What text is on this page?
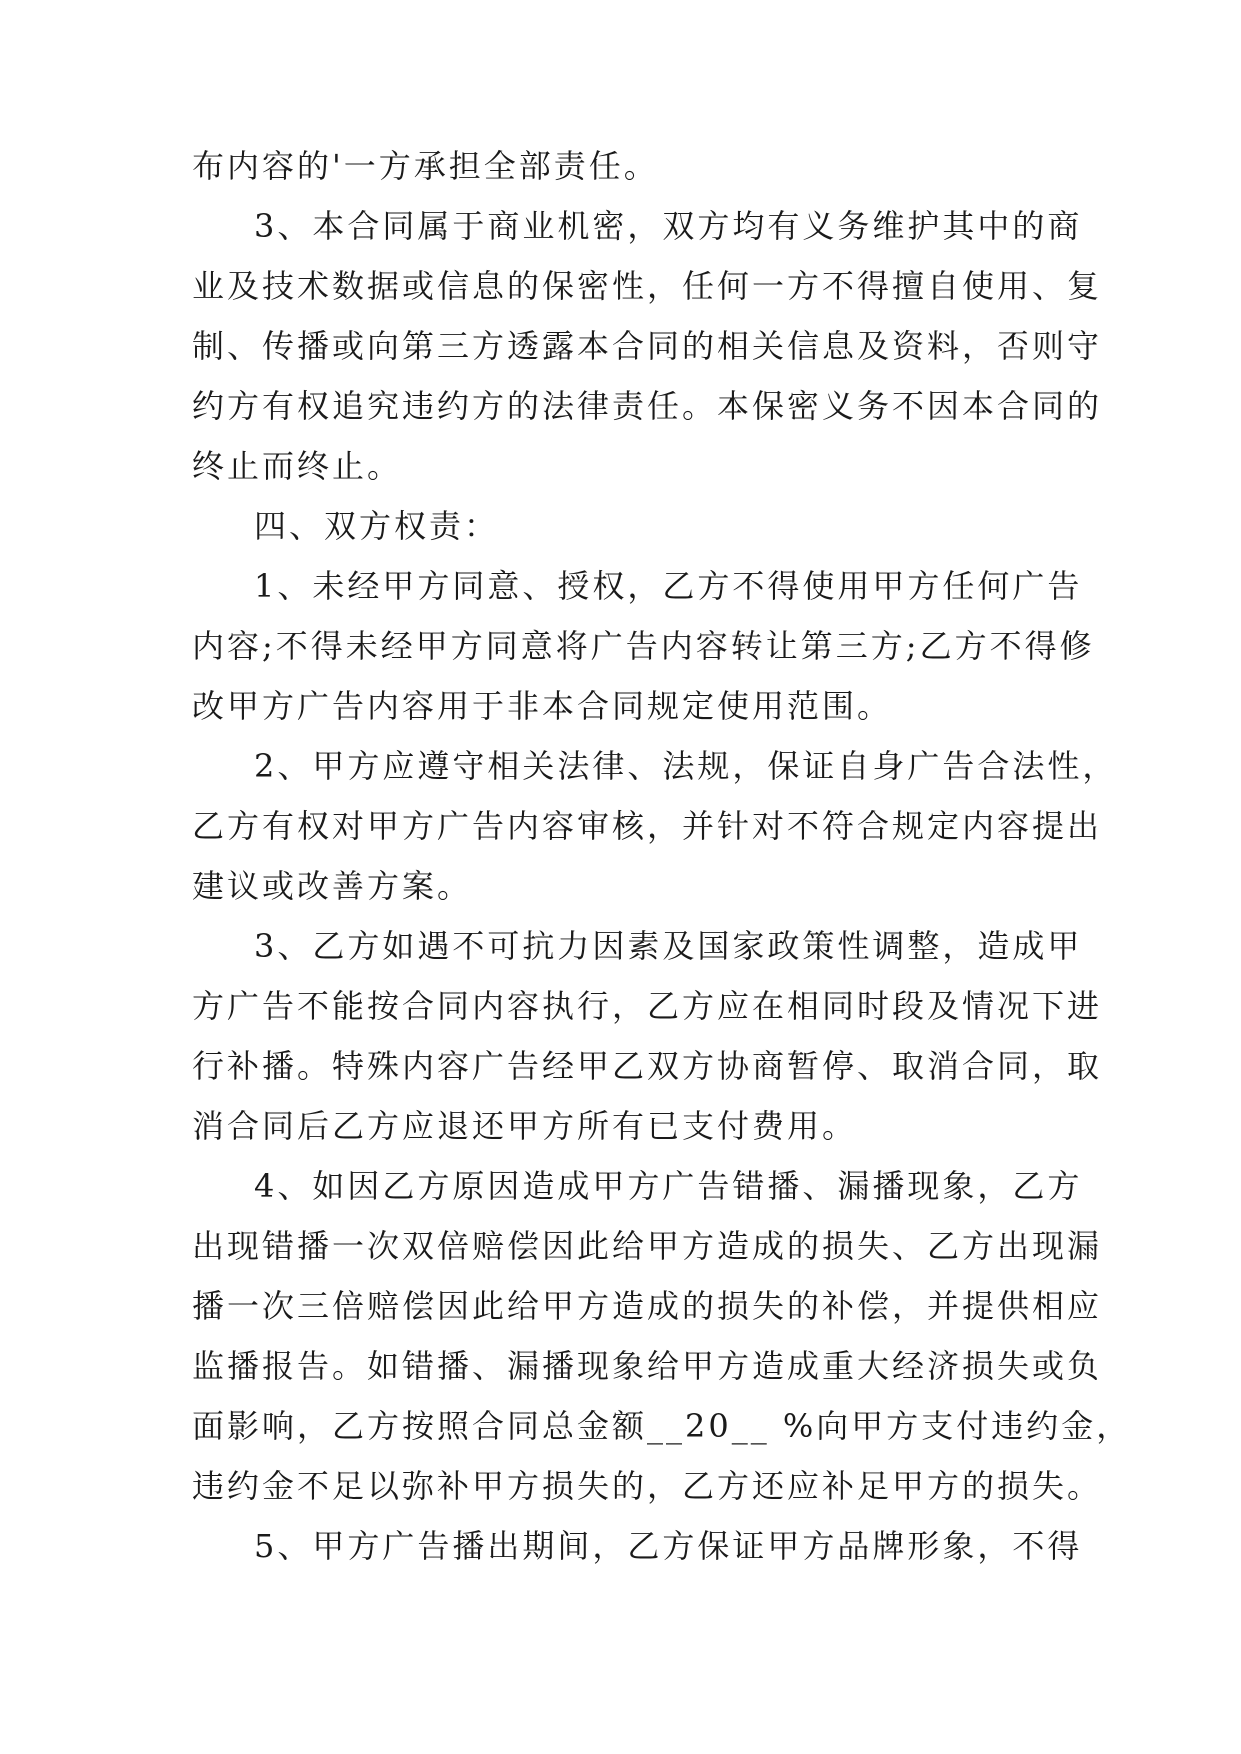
布内容的'一方承担全部责任。
3、本合同属于商业机密，双方均有义务维护其中的商
业及技术数据或信息的保密性，任何一方不得擅自使用、复
制、传播或向第三方透露本合同的相关信息及资料，否则守
约方有权追究违约方的法律责任。本保密义务不因本合同的
终止而终止。
四、双方权责：
1、未经甲方同意、授权，乙方不得使用甲方任何广告
内容;不得未经甲方同意将广告内容转让第三方;乙方不得修
改甲方广告内容用于非本合同规定使用范围。
2、甲方应遵守相关法律、法规，保证自身广告合法性，
乙方有权对甲方广告内容审核，并针对不符合规定内容提出
建议或改善方案。
3、乙方如遇不可抗力因素及国家政策性调整，造成甲
方广告不能按合同内容执行，乙方应在相同时段及情况下进
行补播。特殊内容广告经甲乙双方协商暂停、取消合同，取
消合同后乙方应退还甲方所有已支付费用。
4、如因乙方原因造成甲方广告错播、漏播现象，乙方
出现错播一次双倍赔偿因此给甲方造成的损失、乙方出现漏
播一次三倍赔偿因此给甲方造成的损失的补偿，并提供相应
监播报告。如错播、漏播现象给甲方造成重大经济损失或负
面影响，乙方按照合同总金额__20__ %向甲方支付违约金，
违约金不足以弥补甲方损失的，乙方还应补足甲方的损失。
5、甲方广告播出期间，乙方保证甲方品牌形象，不得
